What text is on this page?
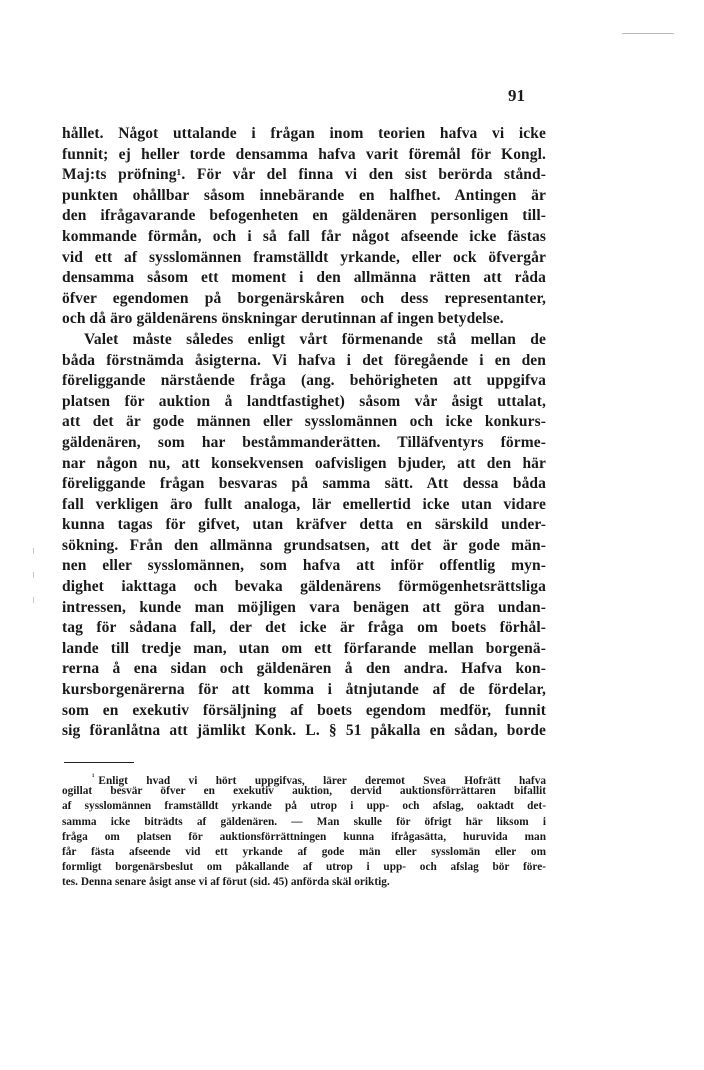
91
hållet. Något uttalande i frågan inom teorien hafva vi icke
funnit; ej heller torde densamma hafva varit föremål för Kongl.
Maj:ts pröfning¹. För vår del finna vi den sist berörda stånd-
punkten ohållbar såsom innebärande en halfhet. Antingen är
den ifrågavarande befogenheten en gäldenären personligen till-
kommande förmån, och i så fall får något afseende icke fästas
vid ett af sysslomännen framställdt yrkande, eller ock öfvergår
densamma såsom ett moment i den allmänna rätten att råda
öfver egendomen på borgenärskåren och dess representanter,
och då äro gäldenärens önskningar derutinnan af ingen betydelse.
Valet måste således enligt vårt förmenande stå mellan de
båda förstnämda åsigterna. Vi hafva i det föregående i en den
föreliggande närstående fråga (ang. behörigheten att uppgifva
platsen för auktion å landtfastighet) såsom vår åsigt uttalat,
att det är gode männen eller sysslomännen och icke konkurs-
gäldenären, som har beståmmanderätten. Tilläfventyrs förme-
nar någon nu, att konsekvensen oafvisligen bjuder, att den här
föreliggande frågan besvaras på samma sätt. Att dessa båda
fall verkligen äro fullt analoga, lär emellertid icke utan vidare
kunna tagas för gifvet, utan kräfver detta en särskild under-
sökning. Från den allmänna grundsatsen, att det är gode män-
nen eller sysslomännen, som hafva att inför offentlig myn-
dighet iakttaga och bevaka gäldenärens förmögenhetsrättsliga
intressen, kunde man möjligen vara benägen att göra undan-
tag för sådana fall, der det icke är fråga om boets förhål-
lande till tredje man, utan om ett förfarande mellan borgenä-
rerna å ena sidan och gäldenären å den andra. Hafva kon-
kursborgenärerna för att komma i åtnjutande af de fördelar,
som en exekutiv försäljning af boets egendom medför, funnit
sig föranlåtna att jämlikt Konk. L. § 51 påkalla en sådan, borde
$^{^1}$ Enligt hvad vi hört uppgifvas, lärer deremot Svea Hofrätt hafva
ogillat besvär öfver en exekutiv auktion, dervid auktionsförrättaren bifallit
af sysslomännen framställdt yrkande på utrop i upp- och afslag, oaktadt det-
samma icke biträdts af gäldenären. — Man skulle för öfrigt här liksom i
fråga om platsen för auktionsförrättningen kunna ifrågasätta, huruvida man
får fästa afseende vid ett yrkande af gode män eller sysslomän eller om
formligt borgenärsbeslut om påkallande af utrop i upp- och afslag bör före-
tes. Denna senare åsigt anse vi af förut (sid. 45) anförda skäl oriktig.
